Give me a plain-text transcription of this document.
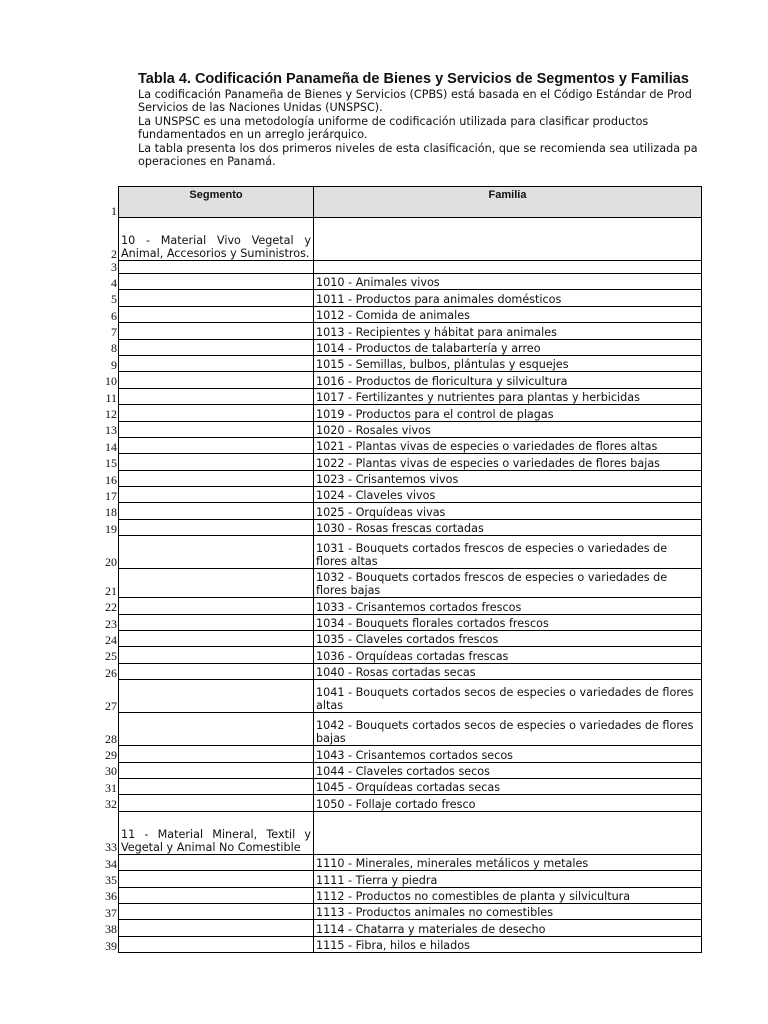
Tabla 4. Codificación Panameña de Bienes y Servicios de Segmentos y Familias

La codificación Panameña de Bienes y Servicios (CPBS) está basada en el Código Estándar de Prod

Servicios de las Naciones Unidas (UNSPSC).

La UNSPSC es una metodología uniforme de codificación utilizada para clasificar productos

fundamentados en un arreglo jerárquico.

La tabla presenta los dos primeros niveles de esta clasificación, que se recomienda sea utilizada pa

operaciones en Panamá.

1	Segmento	Familia
2	10 - Material Vivo Vegetal y Animal, Accesorios y Suministros.	
3		
4		1010 - Animales vivos
5		1011 - Productos para animales domésticos
6		1012 - Comida de animales
7		1013 - Recipientes y hábitat para animales
8		1014 - Productos de talabartería y arreo
9		1015 - Semillas, bulbos, plántulas y esquejes
10		1016 - Productos de floricultura y silvicultura
11		1017 - Fertilizantes y nutrientes para plantas y herbicidas
12		1019 - Productos para el control de plagas
13		1020 - Rosales vivos
14		1021 - Plantas vivas de especies o variedades de flores altas
15		1022 - Plantas vivas de especies o variedades de flores bajas
16		1023 - Crisantemos vivos
17		1024 - Claveles vivos
18		1025 - Orquídeas vivas
19		1030 - Rosas frescas cortadas
20		1031 - Bouquets cortados frescos de especies o variedades de flores altas
21		1032 - Bouquets cortados frescos de especies o variedades de flores bajas
22		1033 - Crisantemos cortados frescos
23		1034 - Bouquets florales cortados frescos
24		1035 - Claveles cortados frescos
25		1036 - Orquídeas cortadas frescas
26		1040 - Rosas cortadas secas
27		1041 - Bouquets cortados secos de especies o variedades de flores altas
28		1042 - Bouquets cortados secos de especies o variedades de flores bajas
29		1043 - Crisantemos cortados secos
30		1044 - Claveles cortados secos
31		1045 - Orquídeas cortadas secas
32		1050 - Follaje cortado fresco
33	11 - Material Mineral, Textil y Vegetal y Animal No Comestible	
34		1110 - Minerales, minerales metálicos y metales
35		1111 - Tierra y piedra
36		1112 - Productos no comestibles de planta y silvicultura
37		1113 - Productos animales no comestibles
38		1114 - Chatarra y materiales de desecho
39		1115 - Fibra, hilos e hilados
